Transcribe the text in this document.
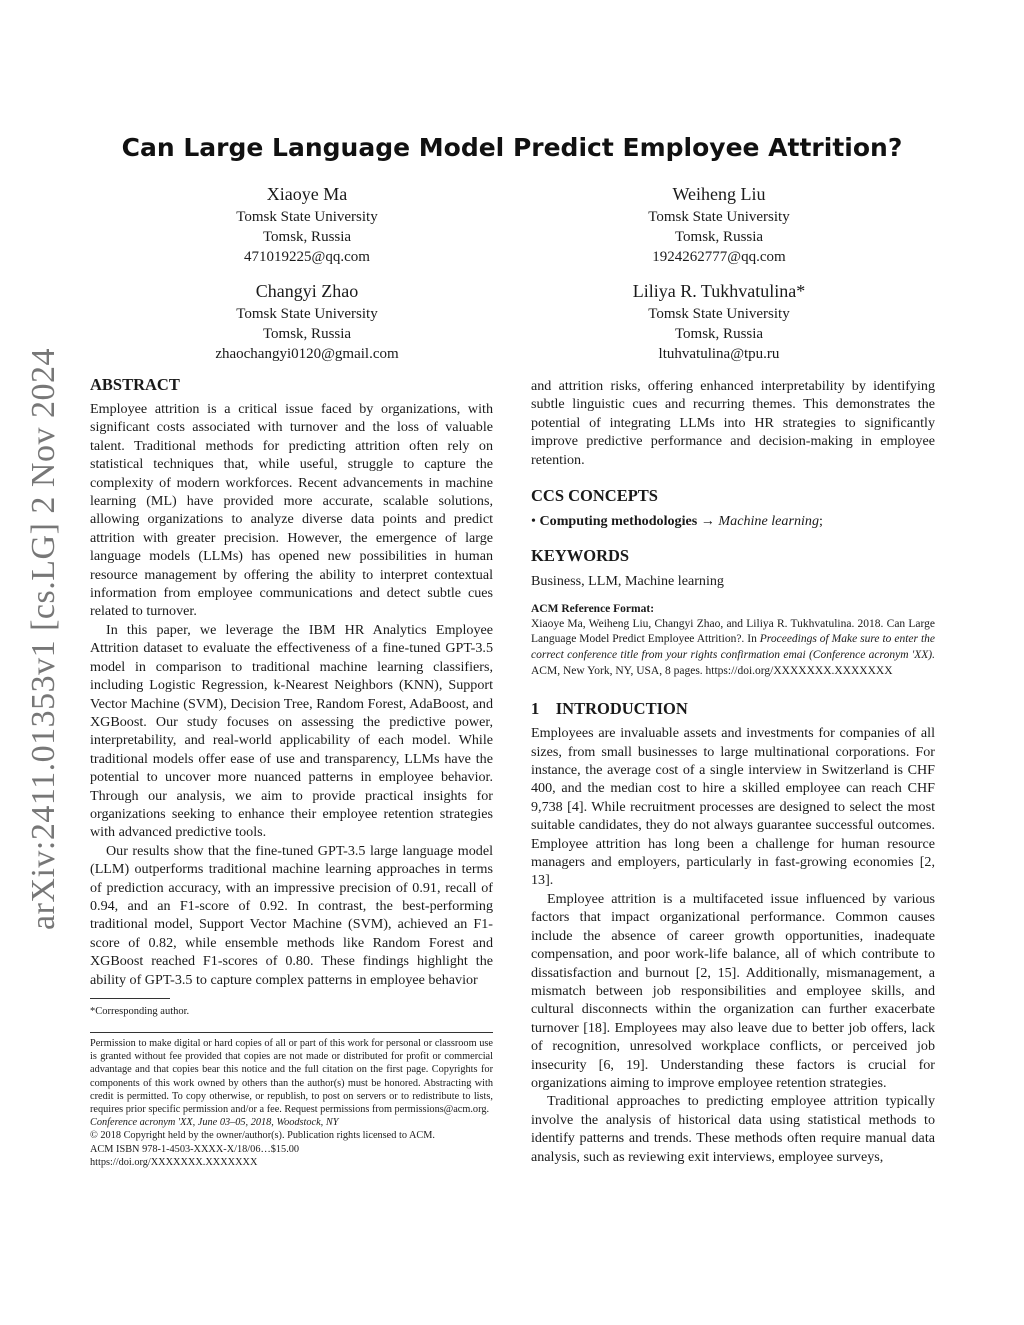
arXiv:2411.01353v1 [cs.LG] 2 Nov 2024
Can Large Language Model Predict Employee Attrition?
Xiaoye Ma
Tomsk State University
Tomsk, Russia
471019225@qq.com
Weiheng Liu
Tomsk State University
Tomsk, Russia
1924262777@qq.com
Changyi Zhao
Tomsk State University
Tomsk, Russia
zhaochangyi0120@gmail.com
Liliya R. Tukhvatulina*
Tomsk State University
Tomsk, Russia
ltuhvatulina@tpu.ru
ABSTRACT

Employee attrition is a critical issue faced by organizations, with significant costs associated with turnover and the loss of valuable talent. Traditional methods for predicting attrition often rely on statistical techniques that, while useful, struggle to capture the complexity of modern workforces. Recent advancements in machine learning (ML) have provided more accurate, scalable solutions, allowing organizations to analyze diverse data points and predict attrition with greater precision. However, the emergence of large language models (LLMs) has opened new possibilities in human resource management by offering the ability to interpret contextual information from employee communications and detect subtle cues related to turnover.

In this paper, we leverage the IBM HR Analytics Employee Attrition dataset to evaluate the effectiveness of a fine-tuned GPT-3.5 model in comparison to traditional machine learning classifiers, including Logistic Regression, k-Nearest Neighbors (KNN), Support Vector Machine (SVM), Decision Tree, Random Forest, AdaBoost, and XGBoost. Our study focuses on assessing the predictive power, interpretability, and real-world applicability of each model. While traditional models offer ease of use and transparency, LLMs have the potential to uncover more nuanced patterns in employee behavior. Through our analysis, we aim to provide practical insights for organizations seeking to enhance their employee retention strategies with advanced predictive tools.

Our results show that the fine-tuned GPT-3.5 large language model (LLM) outperforms traditional machine learning approaches in terms of prediction accuracy, with an impressive precision of 0.91, recall of 0.94, and an F1-score of 0.92. In contrast, the best-performing traditional model, Support Vector Machine (SVM), achieved an F1-score of 0.82, while ensemble methods like Random Forest and XGBoost reached F1-scores of 0.80. These findings highlight the ability of GPT-3.5 to capture complex patterns in employee behavior

*Corresponding author.

Permission to make digital or hard copies of all or part of this work for personal or classroom use is granted without fee provided that copies are not made or distributed for profit or commercial advantage and that copies bear this notice and the full citation on the first page. Copyrights for components of this work owned by others than the author(s) must be honored. Abstracting with credit is permitted. To copy otherwise, or republish, to post on servers or to redistribute to lists, requires prior specific permission and/or a fee. Request permissions from permissions@acm.org.

Conference acronym 'XX, June 03–05, 2018, Woodstock, NY

© 2018 Copyright held by the owner/author(s). Publication rights licensed to ACM.

ACM ISBN 978-1-4503-XXXX-X/18/06…$15.00

https://doi.org/XXXXXXX.XXXXXXX

and attrition risks, offering enhanced interpretability by identifying subtle linguistic cues and recurring themes. This demonstrates the potential of integrating LLMs into HR strategies to significantly improve predictive performance and decision-making in employee retention.

CCS CONCEPTS

• Computing methodologies → Machine learning;

KEYWORDS

Business, LLM, Machine learning

ACM Reference Format:

Xiaoye Ma, Weiheng Liu, Changyi Zhao, and Liliya R. Tukhvatulina. 2018. Can Large Language Model Predict Employee Attrition?. In Proceedings of Make sure to enter the correct conference title from your rights confirmation emai (Conference acronym 'XX). ACM, New York, NY, USA, 8 pages. https://doi.org/XXXXXXX.XXXXXXX

1    INTRODUCTION

Employees are invaluable assets and investments for companies of all sizes, from small businesses to large multinational corporations. For instance, the average cost of a single interview in Switzerland is CHF 400, and the median cost to hire a skilled employee can reach CHF 9,738 [4]. While recruitment processes are designed to select the most suitable candidates, they do not always guarantee successful outcomes. Employee attrition has long been a challenge for human resource managers and employers, particularly in fast-growing economies [2, 13].

Employee attrition is a multifaceted issue influenced by various factors that impact organizational performance. Common causes include the absence of career growth opportunities, inadequate compensation, and poor work-life balance, all of which contribute to dissatisfaction and burnout [2, 15]. Additionally, mismanagement, a mismatch between job responsibilities and employee skills, and cultural disconnects within the organization can further exacerbate turnover [18]. Employees may also leave due to better job offers, lack of recognition, unresolved workplace conflicts, or perceived job insecurity [6, 19]. Understanding these factors is crucial for organizations aiming to improve employee retention strategies.

Traditional approaches to predicting employee attrition typically involve the analysis of historical data using statistical methods to identify patterns and trends. These methods often require manual data analysis, such as reviewing exit interviews, employee surveys,
